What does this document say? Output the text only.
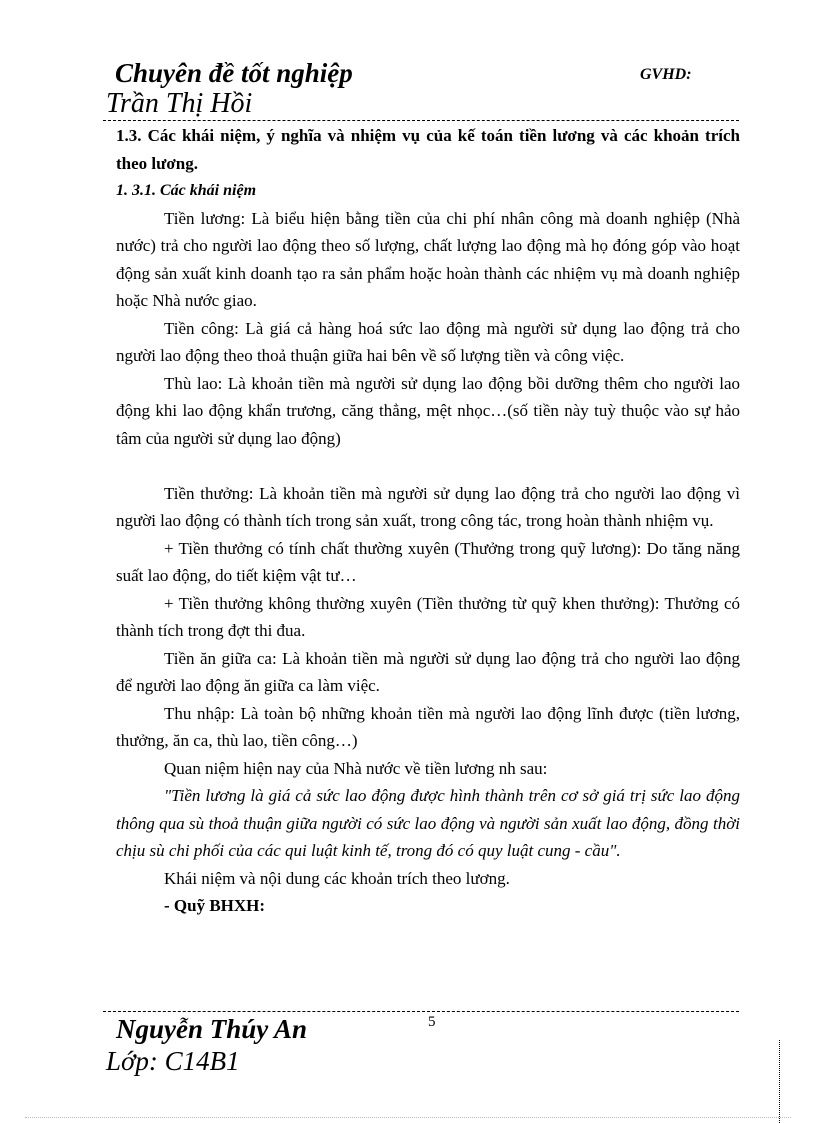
Chuyên đề tốt nghiệp	GVHD:
Trần Thị Hồi

1.3. Các khái niệm, ý nghĩa và nhiệm vụ của kế toán tiền lương và các khoản trích theo lương.

1. 3.1. Các khái niệm

Tiền lương: Là biểu hiện bằng tiền của chi phí nhân công mà doanh nghiệp (Nhà nước) trả cho người lao động theo số lượng, chất lượng lao động mà họ đóng góp vào hoạt động sản xuất kinh doanh tạo ra sản phẩm hoặc hoàn thành các nhiệm vụ mà doanh nghiệp hoặc Nhà nước giao.

Tiền công: Là giá cả hàng hoá sức lao động mà người sử dụng lao động trả cho người lao động theo thoả thuận giữa hai bên về số lượng tiền và công việc.

Thù lao: Là khoản tiền mà người sử dụng lao động bồi dưỡng thêm cho người lao động khi lao động khẩn trương, căng thẳng, mệt nhọc…(số tiền này tuỳ thuộc vào sự hảo tâm của người sử dụng lao động)

Tiền thưởng: Là khoản tiền mà người sử dụng lao động trả cho người lao động vì người lao động có thành tích trong sản xuất, trong công tác, trong hoàn thành nhiệm vụ.

+ Tiền thưởng có tính chất thường xuyên (Thưởng trong quỹ lương): Do tăng năng suất lao động, do tiết kiệm vật tư…

+ Tiền thưởng không thường xuyên (Tiền thưởng từ quỹ khen thưởng): Thưởng có thành tích trong đợt thi đua.

Tiền ăn giữa ca: Là khoản tiền mà người sử dụng lao động trả cho người lao động để người lao động ăn giữa ca làm việc.

Thu nhập: Là toàn bộ những khoản tiền mà người lao động lĩnh được (tiền lương, thưởng, ăn ca, thù lao, tiền công…)

Quan niệm hiện nay của Nhà nước về tiền lương nh sau:

"Tiền lương là giá cả sức lao động được hình thành trên cơ sở giá trị sức lao động thông qua sù thoả thuận giữa người có sức lao động và người sản xuất lao động, đồng thời chịu sù chi phối của các qui luật kinh tế, trong đó có quy luật cung - cầu".

Khái niệm và nội dung các khoản trích theo lương.

- Quỹ BHXH:

5
Nguyễn Thúy An
Lớp: C14B1
